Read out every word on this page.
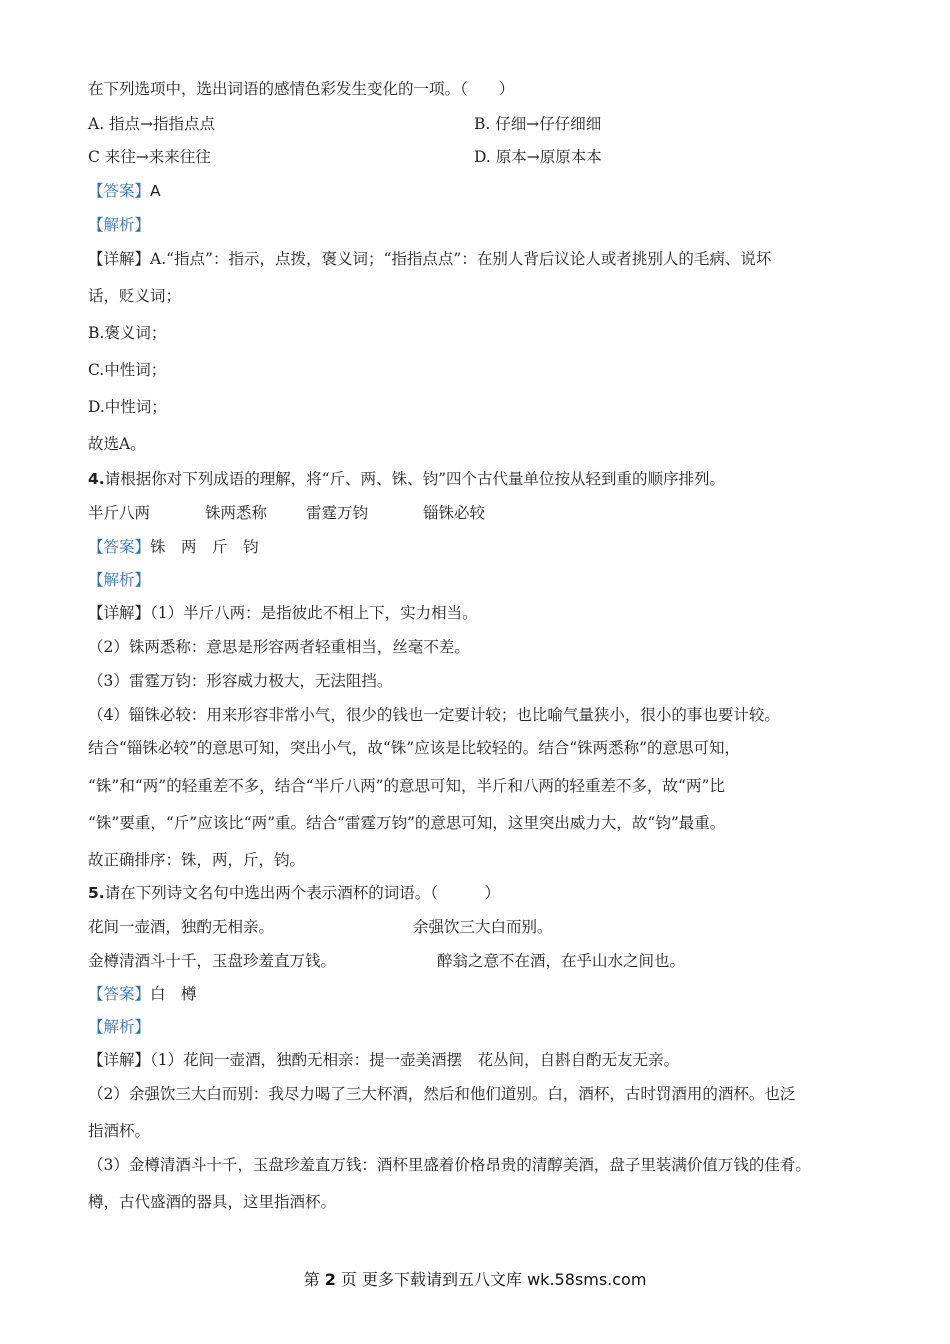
在下列选项中，选出词语的感情色彩发生变化的一项。（　　）
A. 指点→指指点点	B. 仔细→仔仔细细
C 来往→来来往往	D. 原本→原原本本
【答案】A
【解析】
【详解】A.“指点”：指示，点拨，褒义词；“指指点点”：在别人背后议论人或者挑别人的毛病、说坏
话，贬义词；
B.褒义词；
C.中性词；
D.中性词；
故选A。
4.请根据你对下列成语的理解，将“斤、两、铢、钧”四个古代量单位按从轻到重的顺序排列。
半斤八两	铢两悉称	雷霆万钧	锱铢必较
【答案】铢　两　斤　钧
【解析】
【详解】（1）半斤八两：是指彼此不相上下，实力相当。
（2）铢两悉称：意思是形容两者轻重相当，丝毫不差。
（3）雷霆万钧：形容威力极大，无法阻挡。
（4）锱铢必较：用来形容非常小气，很少的钱也一定要计较；也比喻气量狭小，很小的事也要计较。
结合“锱铢必较”的意思可知，突出小气，故“铢”应该是比较轻的。结合“铢两悉称”的意思可知，
“铢”和“两”的轻重差不多，结合“半斤八两”的意思可知，半斤和八两的轻重差不多，故“两”比
“铢”要重，“斤”应该比“两”重。结合“雷霆万钧”的意思可知，这里突出威力大，故“钧”最重。
故正确排序：铢，两，斤，钧。
5.请在下列诗文名句中选出两个表示酒杯的词语。（　　　）
花间一壶酒，独酌无相亲。	余强饮三大白而别。
金樽清酒斗十千，玉盘珍羞直万钱。	醉翁之意不在酒，在乎山水之间也。
【答案】白　樽
【解析】
【详解】（1）花间一壶酒，独酌无相亲：提一壶美酒摆　花丛间，自斟自酌无友无亲。
（2）余强饮三大白而别：我尽力喝了三大杯酒，然后和他们道别。白，酒杯，古时罚酒用的酒杯。也泛
指酒杯。
（3）金樽清酒斗十千，玉盘珍羞直万钱：酒杯里盛着价格昂贵的清醇美酒，盘子里装满价值万钱的佳肴。
樽，古代盛酒的器具，这里指酒杯。
第 2 页 更多下载请到五八文库 wk.58sms.com
